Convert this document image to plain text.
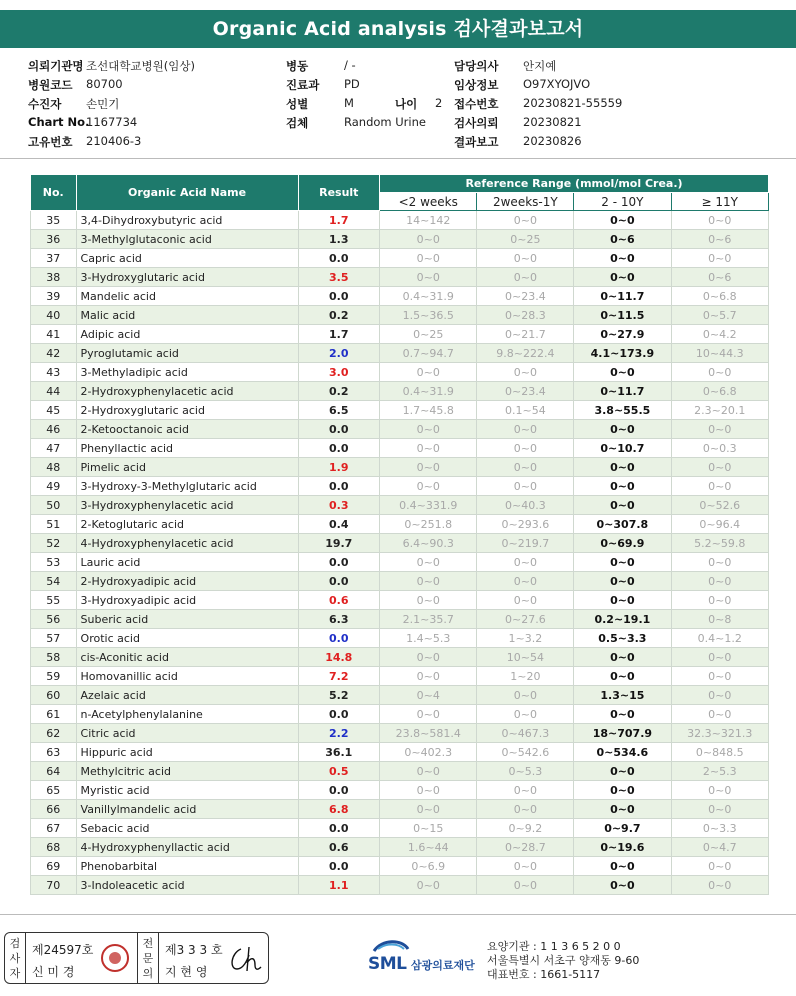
Organic Acid analysis 검사결과보고서
의뢰기관명 조선대학교병원(임상)	병동	/ -	담당의사 안지예
병원코드 80700	진료과 PD	임상정보 O97XYOJVO
수진자 손민기	성별	M	나이 2 접수번호 20230821-55559
Chart No.
1167734	검체	Random Urine 검사의뢰 20230821
고유번호 210406-3	결과보고 20230826
No.	Organic Acid Name	Result	Reference Range (mmol/mol Crea.)			
			<2 weeks	2weeks-1Y	2 - 10Y	≥ 11Y
35	3,4-Dihydroxybutyric acid	1.7	14~142	0~0	0~0	0~0
36	3-Methylglutaconic acid	1.3	0~0	0~25	0~6	0~6
37	Capric acid	0.0	0~0	0~0	0~0	0~0
38	3-Hydroxyglutaric acid	3.5	0~0	0~0	0~0	0~6
39	Mandelic acid	0.0	0.4~31.9	0~23.4	0~11.7	0~6.8
40	Malic acid	0.2	1.5~36.5	0~28.3	0~11.5	0~5.7
41	Adipic acid	1.7	0~25	0~21.7	0~27.9	0~4.2
42	Pyroglutamic acid	2.0	0.7~94.7	9.8~222.4	4.1~173.9	10~44.3
43	3-Methyladipic acid	3.0	0~0	0~0	0~0	0~0
44	2-Hydroxyphenylacetic acid	0.2	0.4~31.9	0~23.4	0~11.7	0~6.8
45	2-Hydroxyglutaric acid	6.5	1.7~45.8	0.1~54	3.8~55.5	2.3~20.1
46	2-Ketooctanoic acid	0.0	0~0	0~0	0~0	0~0
47	Phenyllactic acid	0.0	0~0	0~0	0~10.7	0~0.3
48	Pimelic acid	1.9	0~0	0~0	0~0	0~0
49	3-Hydroxy-3-Methylglutaric acid	0.0	0~0	0~0	0~0	0~0
50	3-Hydroxyphenylacetic acid	0.3	0.4~331.9	0~40.3	0~0	0~52.6
51	2-Ketoglutaric acid	0.4	0~251.8	0~293.6	0~307.8	0~96.4
52	4-Hydroxyphenylacetic acid	19.7	6.4~90.3	0~219.7	0~69.9	5.2~59.8
53	Lauric acid	0.0	0~0	0~0	0~0	0~0
54	2-Hydroxyadipic acid	0.0	0~0	0~0	0~0	0~0
55	3-Hydroxyadipic acid	0.6	0~0	0~0	0~0	0~0
56	Suberic acid	6.3	2.1~35.7	0~27.6	0.2~19.1	0~8
57	Orotic acid	0.0	1.4~5.3	1~3.2	0.5~3.3	0.4~1.2
58	cis-Aconitic acid	14.8	0~0	10~54	0~0	0~0
59	Homovanillic acid	7.2	0~0	1~20	0~0	0~0
60	Azelaic acid	5.2	0~4	0~0	1.3~15	0~0
61	n-Acetylphenylalanine	0.0	0~0	0~0	0~0	0~0
62	Citric acid	2.2	23.8~581.4	0~467.3	18~707.9	32.3~321.3
63	Hippuric acid	36.1	0~402.3	0~542.6	0~534.6	0~848.5
64	Methylcitric acid	0.5	0~0	0~5.3	0~0	2~5.3
65	Myristic acid	0.0	0~0	0~0	0~0	0~0
66	Vanillylmandelic acid	6.8	0~0	0~0	0~0	0~0
67	Sebacic acid	0.0	0~15	0~9.2	0~9.7	0~3.3
68	4-Hydroxyphenyllactic acid	0.6	1.6~44	0~28.7	0~19.6	0~4.7
69	Phenobarbital	0.0	0~6.9	0~0	0~0	0~0
70	3-Indoleacetic acid	1.1	0~0	0~0	0~0	0~0
검
사
자
제24597호
신 미 경
전
문
의
제3 3 3 호
지 현 영	SML 삼광의료재단
요양기관 : 1 1 3 6 5 2 0 0
서울특별시 서초구 양재동 9-60
대표번호 : 1661-5117
